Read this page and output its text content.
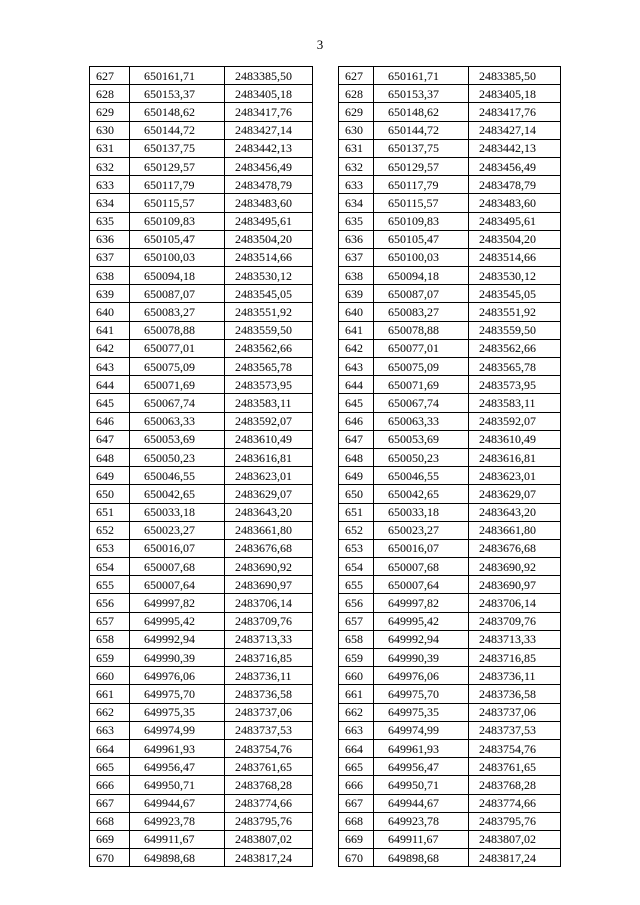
3
627	650161,71	2483385,50
628	650153,37	2483405,18
629	650148,62	2483417,76
630	650144,72	2483427,14
631	650137,75	2483442,13
632	650129,57	2483456,49
633	650117,79	2483478,79
634	650115,57	2483483,60
635	650109,83	2483495,61
636	650105,47	2483504,20
637	650100,03	2483514,66
638	650094,18	2483530,12
639	650087,07	2483545,05
640	650083,27	2483551,92
641	650078,88	2483559,50
642	650077,01	2483562,66
643	650075,09	2483565,78
644	650071,69	2483573,95
645	650067,74	2483583,11
646	650063,33	2483592,07
647	650053,69	2483610,49
648	650050,23	2483616,81
649	650046,55	2483623,01
650	650042,65	2483629,07
651	650033,18	2483643,20
652	650023,27	2483661,80
653	650016,07	2483676,68
654	650007,68	2483690,92
655	650007,64	2483690,97
656	649997,82	2483706,14
657	649995,42	2483709,76
658	649992,94	2483713,33
659	649990,39	2483716,85
660	649976,06	2483736,11
661	649975,70	2483736,58
662	649975,35	2483737,06
663	649974,99	2483737,53
664	649961,93	2483754,76
665	649956,47	2483761,65
666	649950,71	2483768,28
667	649944,67	2483774,66
668	649923,78	2483795,76
669	649911,67	2483807,02
670	649898,68	2483817,24
627	650161,71	2483385,50
628	650153,37	2483405,18
629	650148,62	2483417,76
630	650144,72	2483427,14
631	650137,75	2483442,13
632	650129,57	2483456,49
633	650117,79	2483478,79
634	650115,57	2483483,60
635	650109,83	2483495,61
636	650105,47	2483504,20
637	650100,03	2483514,66
638	650094,18	2483530,12
639	650087,07	2483545,05
640	650083,27	2483551,92
641	650078,88	2483559,50
642	650077,01	2483562,66
643	650075,09	2483565,78
644	650071,69	2483573,95
645	650067,74	2483583,11
646	650063,33	2483592,07
647	650053,69	2483610,49
648	650050,23	2483616,81
649	650046,55	2483623,01
650	650042,65	2483629,07
651	650033,18	2483643,20
652	650023,27	2483661,80
653	650016,07	2483676,68
654	650007,68	2483690,92
655	650007,64	2483690,97
656	649997,82	2483706,14
657	649995,42	2483709,76
658	649992,94	2483713,33
659	649990,39	2483716,85
660	649976,06	2483736,11
661	649975,70	2483736,58
662	649975,35	2483737,06
663	649974,99	2483737,53
664	649961,93	2483754,76
665	649956,47	2483761,65
666	649950,71	2483768,28
667	649944,67	2483774,66
668	649923,78	2483795,76
669	649911,67	2483807,02
670	649898,68	2483817,24
